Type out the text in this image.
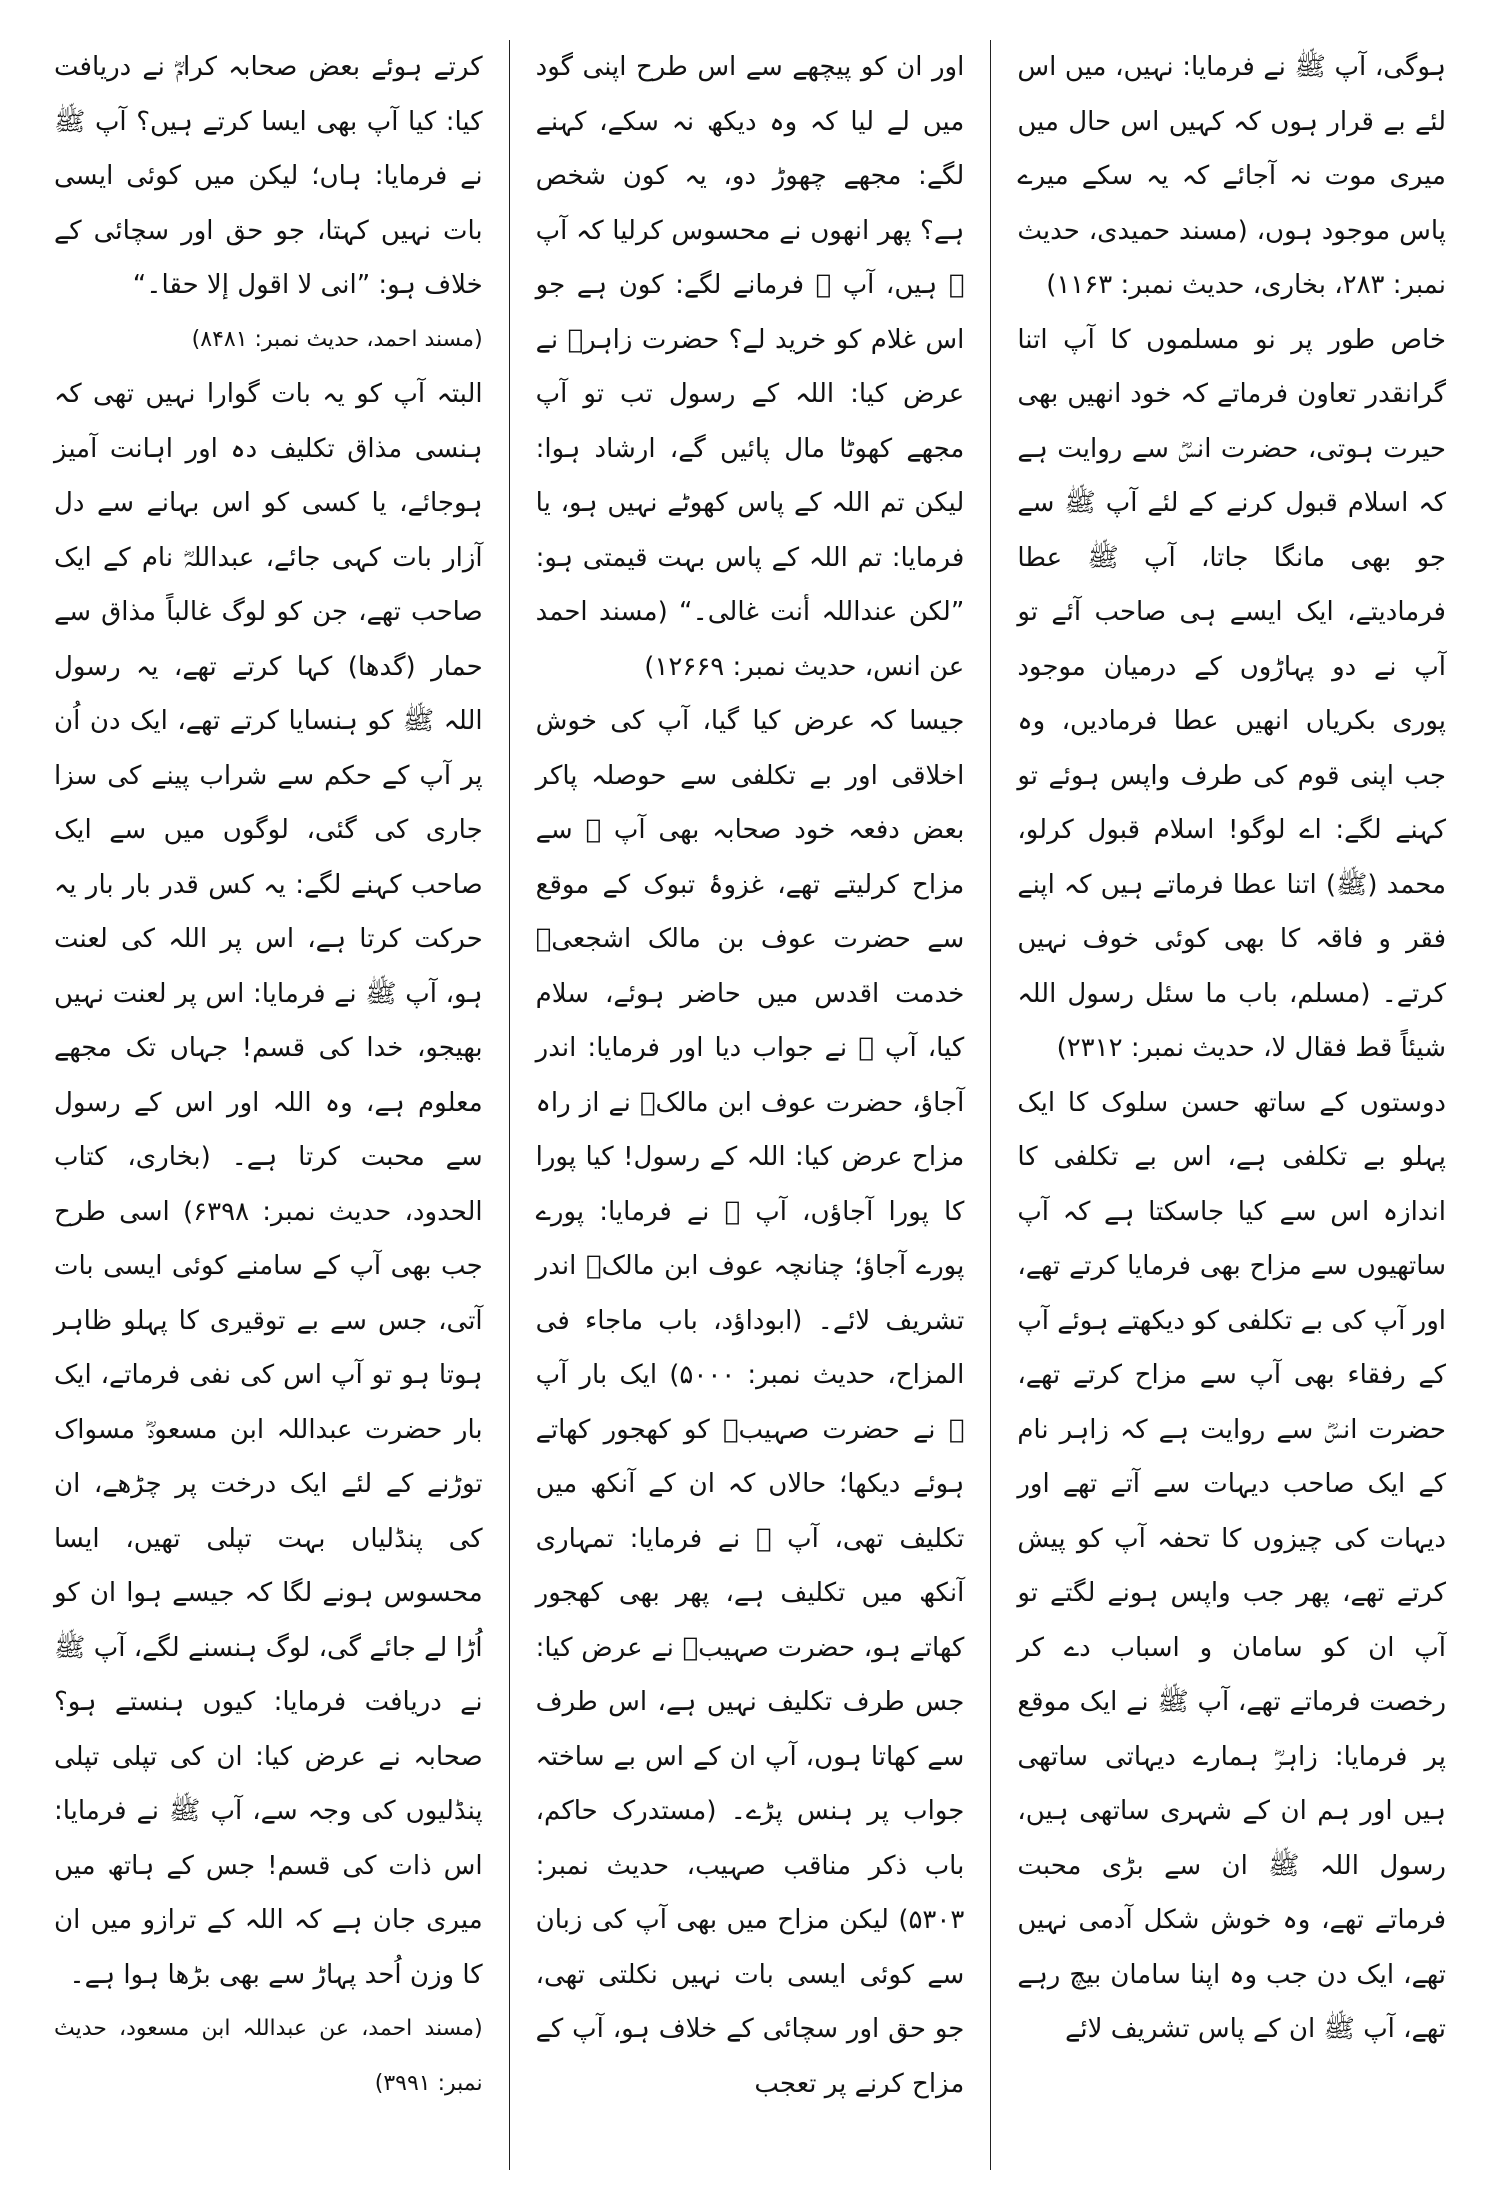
ہوگی، آپ ﷺ نے فرمایا: نہیں، میں اس لئے بے قرار ہوں کہ کہیں اس حال میں میری موت نہ آجائے کہ یہ سکے میرے پاس موجود ہوں، (مسند حمیدی، حدیث نمبر: ۲۸۳، بخاری، حدیث نمبر: ۱۱۶۳)

خاص طور پر نو مسلموں کا آپ اتنا گرانقدر تعاون فرماتے کہ خود انھیں بھی حیرت ہوتی، حضرت انسؓ سے روایت ہے کہ اسلام قبول کرنے کے لئے آپ ﷺ سے جو بھی مانگا جاتا، آپ ﷺ عطا فرمادیتے، ایک ایسے ہی صاحب آئے تو آپ نے دو پہاڑوں کے درمیان موجود پوری بکریاں انھیں عطا فرمادیں، وہ جب اپنی قوم کی طرف واپس ہوئے تو کہنے لگے: اے لوگو! اسلام قبول کرلو، محمد (ﷺ) اتنا عطا فرماتے ہیں کہ اپنے فقر و فاقہ کا بھی کوئی خوف نہیں کرتے۔ (مسلم، باب ما سئل رسول اللہ شیئاً قط فقال لا، حدیث نمبر: ۲۳۱۲)

دوستوں کے ساتھ حسن سلوک کا ایک پہلو بے تکلفی ہے، اس بے تکلفی کا اندازہ اس سے کیا جاسکتا ہے کہ آپ ساتھیوں سے مزاح بھی فرمایا کرتے تھے، اور آپ کی بے تکلفی کو دیکھتے ہوئے آپ کے رفقاء بھی آپ سے مزاح کرتے تھے، حضرت انسؓ سے روایت ہے کہ زاہر نام کے ایک صاحب دیہات سے آتے تھے اور دیہات کی چیزوں کا تحفہ آپ کو پیش کرتے تھے، پھر جب واپس ہونے لگتے تو آپ ان کو سامان و اسباب دے کر رخصت فرماتے تھے، آپ ﷺ نے ایک موقع پر فرمایا: زاہرؓ ہمارے دیہاتی ساتھی ہیں اور ہم ان کے شہری ساتھی ہیں، رسول اللہ ﷺ ان سے بڑی محبت فرماتے تھے، وہ خوش شکل آدمی نہیں تھے، ایک دن جب وہ اپنا سامان بیچ رہے تھے، آپ ﷺ ان کے پاس تشریف لائے

اور ان کو پیچھے سے اس طرح اپنی گود میں لے لیا کہ وہ دیکھ نہ سکے، کہنے لگے: مجھے چھوڑ دو، یہ کون شخص ہے؟ پھر انھوں نے محسوس کرلیا کہ آپ ﷺ ہیں، آپ ﷺ فرمانے لگے: کون ہے جو اس غلام کو خرید لے؟ حضرت زاہرؓ نے عرض کیا: اللہ کے رسول تب تو آپ مجھے کھوٹا مال پائیں گے، ارشاد ہوا: لیکن تم اللہ کے پاس کھوٹے نہیں ہو، یا فرمایا: تم اللہ کے پاس بہت قیمتی ہو: ”لکن عنداللہ أنت غالی۔“ (مسند احمد عن انس، حدیث نمبر: ۱۲۶۶۹)

جیسا کہ عرض کیا گیا، آپ کی خوش اخلاقی اور بے تکلفی سے حوصلہ پاکر بعض دفعہ خود صحابہ بھی آپ ﷺ سے مزاح کرلیتے تھے، غزوۂ تبوک کے موقع سے حضرت عوف بن مالک اشجعیؓ خدمت اقدس میں حاضر ہوئے، سلام کیا، آپ ﷺ نے جواب دیا اور فرمایا: اندر آجاؤ، حضرت عوف ابن مالکؓ نے از راہ مزاح عرض کیا: اللہ کے رسول! کیا پورا کا پورا آجاؤں، آپ ﷺ نے فرمایا: پورے پورے آجاؤ؛ چنانچہ عوف ابن مالکؓ اندر تشریف لائے۔ (ابوداؤد، باب ماجاء فی المزاح، حدیث نمبر: ۵۰۰۰) ایک بار آپ ﷺ نے حضرت صہیبؓ کو کھجور کھاتے ہوئے دیکھا؛ حالاں کہ ان کے آنکھ میں تکلیف تھی، آپ ﷺ نے فرمایا: تمہاری آنکھ میں تکلیف ہے، پھر بھی کھجور کھاتے ہو، حضرت صہیبؓ نے عرض کیا: جس طرف تکلیف نہیں ہے، اس طرف سے کھاتا ہوں، آپ ان کے اس بے ساختہ جواب پر ہنس پڑے۔ (مستدرک حاکم، باب ذکر مناقب صہیب، حدیث نمبر: ۵۳۰۳) لیکن مزاح میں بھی آپ کی زبان سے کوئی ایسی بات نہیں نکلتی تھی، جو حق اور سچائی کے خلاف ہو، آپ کے مزاح کرنے پر تعجب

کرتے ہوئے بعض صحابہ کرامؓ نے دریافت کیا: کیا آپ بھی ایسا کرتے ہیں؟ آپ ﷺ نے فرمایا: ہاں؛ لیکن میں کوئی ایسی بات نہیں کہتا، جو حق اور سچائی کے خلاف ہو: ”انی لا اقول إلا حقا۔“

(مسند احمد، حدیث نمبر: ۸۴۸۱)

البتہ آپ کو یہ بات گوارا نہیں تھی کہ ہنسی مذاق تکلیف دہ اور اہانت آمیز ہوجائے، یا کسی کو اس بہانے سے دل آزار بات کہی جائے، عبداللہؓ نام کے ایک صاحب تھے، جن کو لوگ غالباً مذاق سے حمار (گدھا) کہا کرتے تھے، یہ رسول اللہ ﷺ کو ہنسایا کرتے تھے، ایک دن اُن پر آپ کے حکم سے شراب پینے کی سزا جاری کی گئی، لوگوں میں سے ایک صاحب کہنے لگے: یہ کس قدر بار بار یہ حرکت کرتا ہے، اس پر اللہ کی لعنت ہو، آپ ﷺ نے فرمایا: اس پر لعنت نہیں بھیجو، خدا کی قسم! جہاں تک مجھے معلوم ہے، وہ اللہ اور اس کے رسول سے محبت کرتا ہے۔ (بخاری، کتاب الحدود، حدیث نمبر: ۶۳۹۸) اسی طرح جب بھی آپ کے سامنے کوئی ایسی بات آتی، جس سے بے توقیری کا پہلو ظاہر ہوتا ہو تو آپ اس کی نفی فرماتے، ایک بار حضرت عبداللہ ابن مسعودؓ مسواک توڑنے کے لئے ایک درخت پر چڑھے، ان کی پنڈلیاں بہت تپلی تھیں، ایسا محسوس ہونے لگا کہ جیسے ہوا ان کو اُڑا لے جائے گی، لوگ ہنسنے لگے، آپ ﷺ نے دریافت فرمایا: کیوں ہنستے ہو؟ صحابہ نے عرض کیا: ان کی تپلی تپلی پنڈلیوں کی وجہ سے، آپ ﷺ نے فرمایا: اس ذات کی قسم! جس کے ہاتھ میں میری جان ہے کہ اللہ کے ترازو میں ان کا وزن اُحد پہاڑ سے بھی بڑھا ہوا ہے۔

(مسند احمد، عن عبداللہ ابن مسعود، حدیث نمبر: ۳۹۹۱)
